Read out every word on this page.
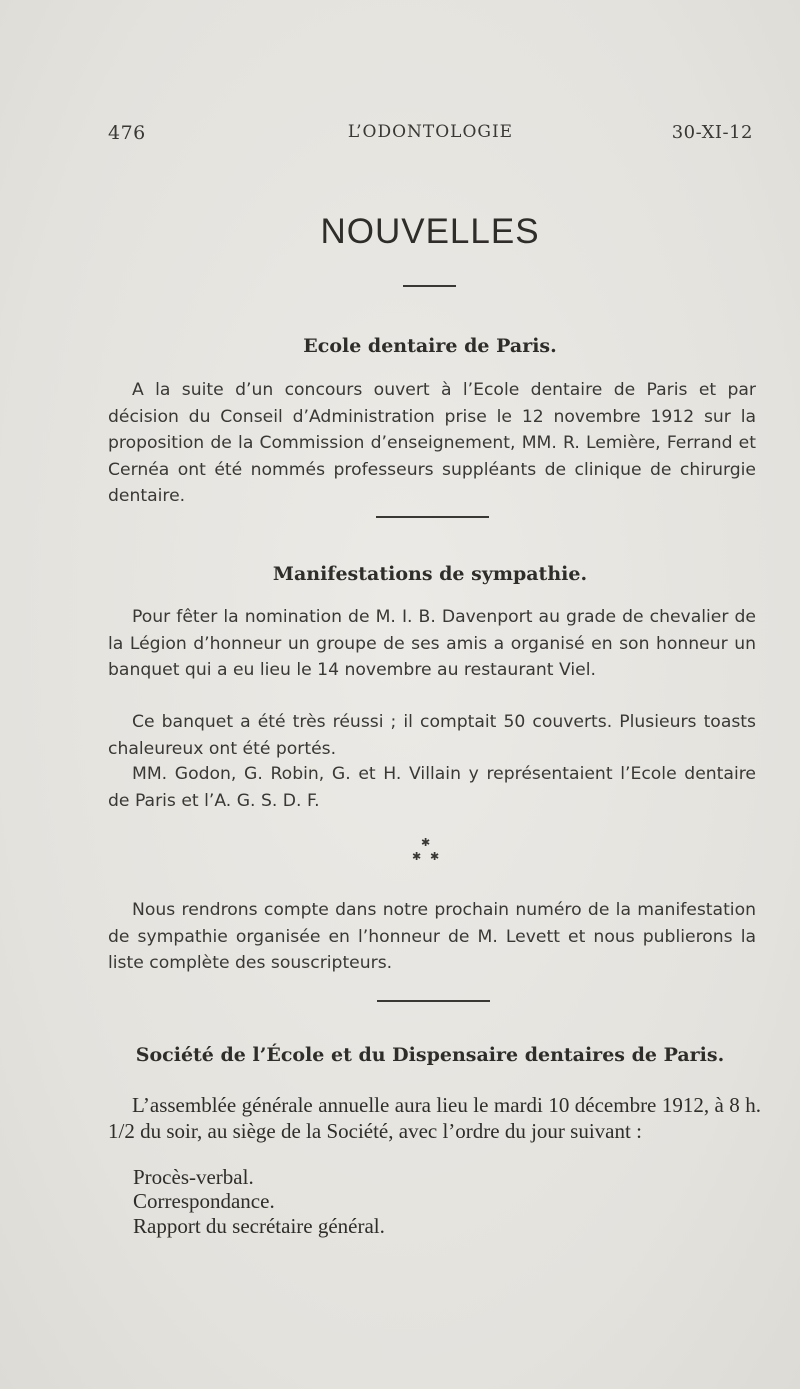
476	L’ODONTOLOGIE	30-XI-12
NOUVELLES
Ecole dentaire de Paris.

A la suite d’un concours ouvert à l’Ecole dentaire de Paris et par décision du Conseil d’Administration prise le 12 novembre 1912 sur la proposition de la Commission d’enseignement, MM. R. Lemière, Ferrand et Cernéa ont été nommés professeurs suppléants de clinique de chirurgie dentaire.

Manifestations de sympathie.

Pour fêter la nomination de M. I. B. Davenport au grade de chevalier de la Légion d’honneur un groupe de ses amis a organisé en son honneur un banquet qui a eu lieu le 14 novembre au restaurant Viel.

Ce banquet a été très réussi ; il comptait 50 couverts. Plusieurs toasts chaleureux ont été portés.

MM. Godon, G. Robin, G. et H. Villain y représentaient l’Ecole dentaire de Paris et l’A. G. S. D. F.

✱
✱ ✱

Nous rendrons compte dans notre prochain numéro de la manifestation de sympathie organisée en l’honneur de M. Levett et nous publierons la liste complète des souscripteurs.

Société de l’École et du Dispensaire dentaires de Paris.

L’assemblée générale annuelle aura lieu le mardi 10 décembre 1912, à 8 h. 1/2 du soir, au siège de la Société, avec l’ordre du jour suivant :

Procès-verbal.
Correspondance.
Rapport du secrétaire général.
